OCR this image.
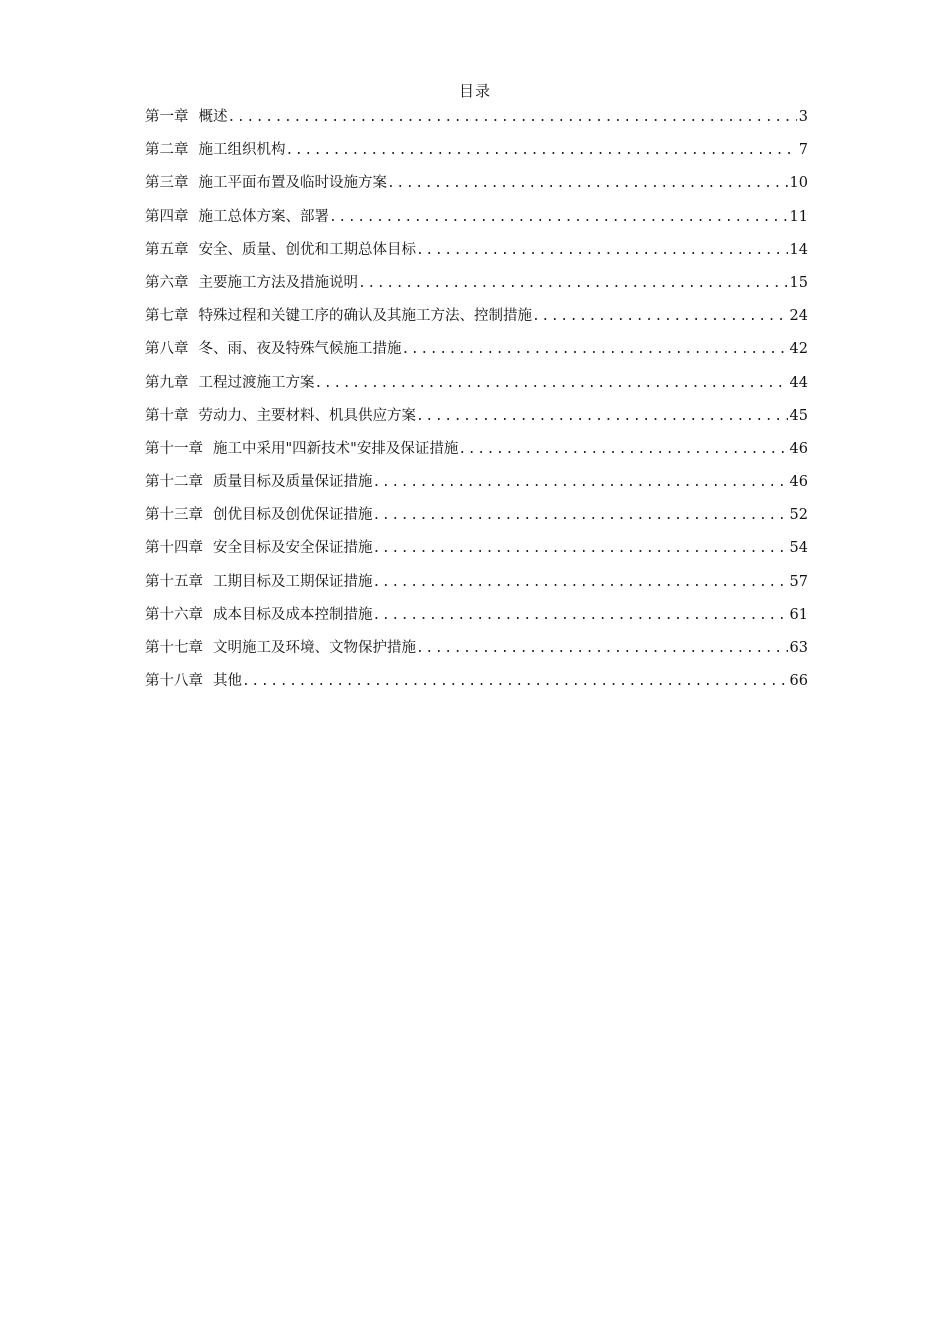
目录
第一章 概述 .....	3
第二章 施工组织机构 .....	7
第三章 施工平面布置及临时设施方案 .....	10
第四章 施工总体方案、部署 .....	11
第五章 安全、质量、创优和工期总体目标 .....	14
第六章 主要施工方法及措施说明 .....	15
第七章 特殊过程和关键工序的确认及其施工方法、控制措施 .....	24
第八章 冬、雨、夜及特殊气候施工措施 .....	42
第九章 工程过渡施工方案 .....	44
第十章 劳动力、主要材料、机具供应方案 .....	45
第十一章 施工中采用"四新技术"安排及保证措施 .....	46
第十二章 质量目标及质量保证措施 .....	46
第十三章 创优目标及创优保证措施 .....	52
第十四章 安全目标及安全保证措施 .....	54
第十五章 工期目标及工期保证措施 .....	57
第十六章 成本目标及成本控制措施 .....	61
第十七章 文明施工及环境、文物保护措施 .....	63
第十八章 其他 .....	66
